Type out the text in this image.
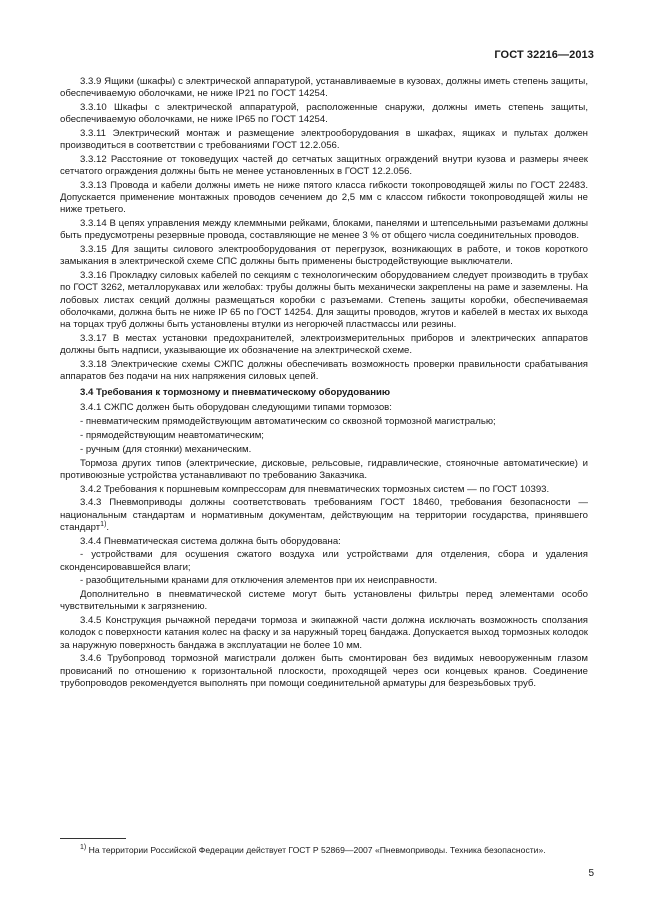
ГОСТ 32216—2013

3.3.9 Ящики (шкафы) с электрической аппаратурой, устанавливаемые в кузовах, должны иметь степень защиты, обеспечиваемую оболочками, не ниже IP21 по ГОСТ 14254.

3.3.10 Шкафы с электрической аппаратурой, расположенные снаружи, должны иметь степень защиты, обеспечиваемую оболочками, не ниже IP65 по ГОСТ 14254.

3.3.11 Электрический монтаж и размещение электрооборудования в шкафах, ящиках и пультах должен производиться в соответствии с требованиями ГОСТ 12.2.056.

3.3.12 Расстояние от токоведущих частей до сетчатых защитных ограждений внутри кузова и размеры ячеек сетчатого ограждения должны быть не менее установленных в ГОСТ 12.2.056.

3.3.13 Провода и кабели должны иметь не ниже пятого класса гибкости токопроводящей жилы по ГОСТ 22483. Допускается применение монтажных проводов сечением до 2,5 мм с классом гибкости токопроводящей жилы не ниже третьего.

3.3.14 В цепях управления между клеммными рейками, блоками, панелями и штепсельными разъемами должны быть предусмотрены резервные провода, составляющие не менее 3 % от общего числа соединительных проводов.

3.3.15 Для защиты силового электрооборудования от перегрузок, возникающих в работе, и токов короткого замыкания в электрической схеме СПС должны быть применены быстродействующие выключатели.

3.3.16 Прокладку силовых кабелей по секциям с технологическим оборудованием следует производить в трубах по ГОСТ 3262, металлорукавах или желобах: трубы должны быть механически закреплены на раме и заземлены. На лобовых листах секций должны размещаться коробки с разъемами. Степень защиты коробки, обеспечиваемая оболочками, должна быть не ниже IP 65 по ГОСТ 14254. Для защиты проводов, жгутов и кабелей в местах их выхода на торцах труб должны быть установлены втулки из негорючей пластмассы или резины.

3.3.17 В местах установки предохранителей, электроизмерительных приборов и электрических аппаратов должны быть надписи, указывающие их обозначение на электрической схеме.

3.3.18 Электрические схемы СЖПС должны обеспечивать возможность проверки правильности срабатывания аппаратов без подачи на них напряжения силовых цепей.

3.4 Требования к тормозному и пневматическому оборудованию

3.4.1 СЖПС должен быть оборудован следующими типами тормозов:

- пневматическим прямодействующим автоматическим со сквозной тормозной магистралью;

- прямодействующим неавтоматическим;

- ручным (для стоянки) механическим.

Тормоза других типов (электрические, дисковые, рельсовые, гидравлические, стояночные автоматические) и противоюзные устройства устанавливают по требованию Заказчика.

3.4.2 Требования к поршневым компрессорам для пневматических тормозных систем — по ГОСТ 10393.

3.4.3 Пневмоприводы должны соответствовать требованиям ГОСТ 18460, требования безопасности — национальным стандартам и нормативным документам, действующим на территории государства, принявшего стандарт$^{1)}$.

3.4.4 Пневматическая система должна быть оборудована:

- устройствами для осушения сжатого воздуха или устройствами для отделения, сбора и удаления сконденсировавшейся влаги;

- разобщительными кранами для отключения элементов при их неисправности.

Дополнительно в пневматической системе могут быть установлены фильтры перед элементами особо чувствительными к загрязнению.

3.4.5 Конструкция рычажной передачи тормоза и экипажной части должна исключать возможность сползания колодок с поверхности катания колес на фаску и за наружный торец бандажа. Допускается выход тормозных колодок за наружную поверхность бандажа в эксплуатации не более 10 мм.

3.4.6 Трубопровод тормозной магистрали должен быть смонтирован без видимых невооруженным глазом провисаний по отношению к горизонтальной плоскости, проходящей через оси концевых кранов. Соединение трубопроводов рекомендуется выполнять при помощи соединительной арматуры для безрезьбовых труб.

$^{1)}$ На территории Российской Федерации действует ГОСТ Р 52869—2007 «Пневмоприводы. Техника безопасности».
5
